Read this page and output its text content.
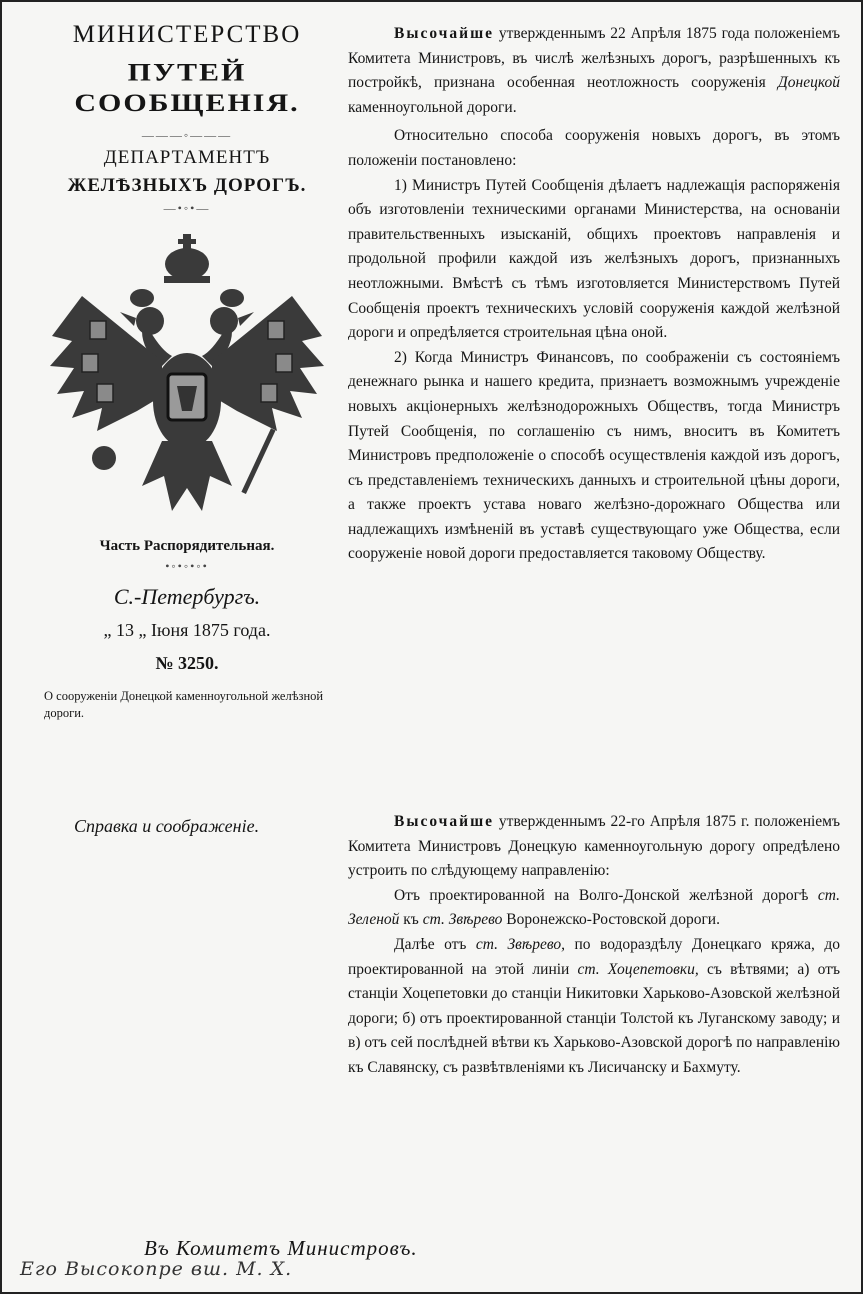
МИНИСТЕРСТВО

ПУТЕЙ СООБЩЕНІЯ.

———◦———

ДЕПАРТАМЕНТЪ

ЖЕЛѢЗНЫХЪ ДОРОГЪ.

—•◦•—

Часть Распорядительная.

•◦•◦•◦•

С.-Петербургъ.

„ 13 „ Іюня 1875 года.

№ 3250.

О сооруженіи Донецкой каменноугольной желѣзной дороги.

Справка и соображеніе.

Высочайше утвержденнымъ 22 Апрѣля 1875 года положеніемъ Комитета Министровъ, въ числѣ желѣзныхъ дорогъ, разрѣшенныхъ къ постройкѣ, признана особенная неотложность сооруженія Донецкой каменноугольной дороги.

Относительно способа сооруженія новыхъ дорогъ, въ этомъ положеніи постановлено:

1) Министръ Путей Сообщенія дѣлаетъ надлежащія распоряженія объ изготовленіи техническими органами Министерства, на основаніи правительственныхъ изысканій, общихъ проектовъ направленія и продольной профили каждой изъ желѣзныхъ дорогъ, признанныхъ неотложными. Вмѣстѣ съ тѣмъ изготовляется Министерствомъ Путей Сообщенія проектъ техническихъ условій сооруженія каждой желѣзной дороги и опредѣляется строительная цѣна оной.

2) Когда Министръ Финансовъ, по соображеніи съ состояніемъ денежнаго рынка и нашего кредита, признаетъ возможнымъ учрежденіе новыхъ акціонерныхъ желѣзнодорожныхъ Обществъ, тогда Министръ Путей Сообщенія, по соглашенію съ нимъ, вноситъ въ Комитетъ Министровъ предположеніе о способѣ осуществленія каждой изъ дорогъ, съ представленіемъ техническихъ данныхъ и строительной цѣны дороги, а также проектъ устава новаго желѣзно-дорожнаго Общества или надлежащихъ измѣненій въ уставѣ существующаго уже Общества, если сооруженіе новой дороги предоставляется таковому Обществу.

Высочайше утвержденнымъ 22-го Апрѣля 1875 г. положеніемъ Комитета Министровъ Донецкую каменноугольную дорогу опредѣлено устроить по слѣдующему направленію:

Отъ проектированной на Волго-Донской желѣзной дорогѣ ст. Зеленой къ ст. Звѣрево Воронежско-Ростовской дороги.

Далѣе отъ ст. Звѣрево, по водораздѣлу Донецкаго кряжа, до проектированной на этой линіи ст. Хоцепетовки, съ вѣтвями; а) отъ станціи Хоцепетовки до станціи Никитовки Харьково-Азовской желѣзной дороги; б) отъ проектированной станціи Толстой къ Луганскому заводу; и в) отъ сей послѣдней вѣтви къ Харьково-Азовской дорогѣ по направленію къ Славянску, съ развѣтвленіями къ Лисичанску и Бахмуту.

Въ Комитетъ Министровъ.
Его Высокопре вш. М. Х.
